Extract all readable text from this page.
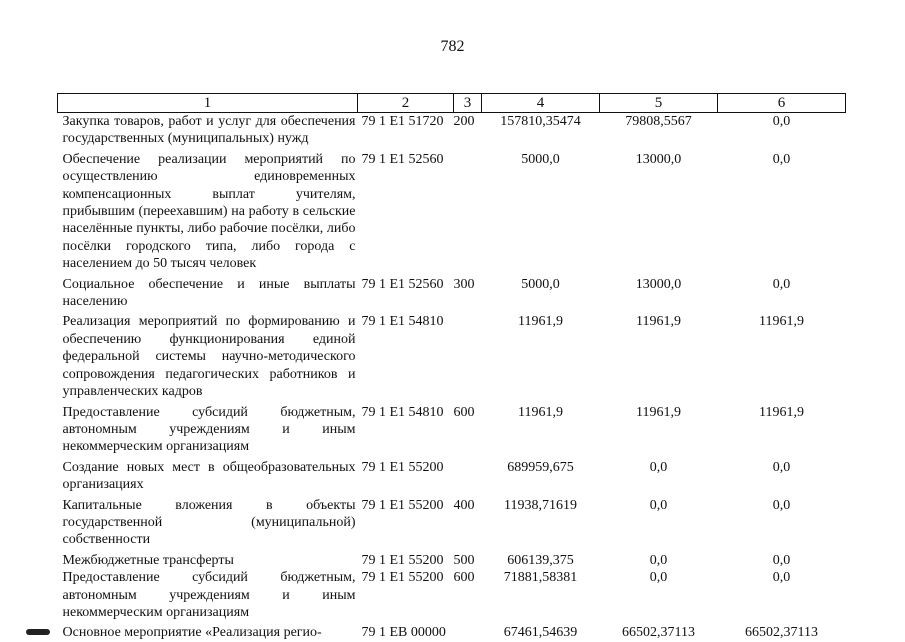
782
1	2	3	4	5	6
Закупка товаров, работ и услуг для обеспечения государственных (муниципальных) нужд	79 1 E1 51720	200	157810,35474	79808,5567	0,0
Обеспечение реализации мероприятий по осуществлению единовременных компенсационных выплат учителям, прибывшим (переехавшим) на работу в сельские населённые пункты, либо рабочие посёлки, либо посёлки городского типа, либо города с населением до 50 тысяч человек	79 1 E1 52560		5000,0	13000,0	0,0
Социальное обеспечение и иные выплаты населению	79 1 E1 52560	300	5000,0	13000,0	0,0
Реализация мероприятий по формированию и обеспечению функционирования единой федеральной системы научно-методического сопровождения педагогических работников и управленческих кадров	79 1 E1 54810		11961,9	11961,9	11961,9
Предоставление субсидий бюджетным, автономным учреждениям и иным некоммерческим организациям	79 1 E1 54810	600	11961,9	11961,9	11961,9
Создание новых мест в общеобразовательных организациях	79 1 E1 55200		689959,675	0,0	0,0
Капитальные вложения в объекты государственной (муниципальной) собственности	79 1 E1 55200	400	11938,71619	0,0	0,0
Межбюджетные трансферты	79 1 E1 55200	500	606139,375	0,0	0,0
Предоставление субсидий бюджетным, автономным учреждениям и иным некоммерческим организациям	79 1 E1 55200	600	71881,58381	0,0	0,0
Основное мероприятие «Реализация регио-	79 1 EB 00000		67461,54639	66502,37113	66502,37113
